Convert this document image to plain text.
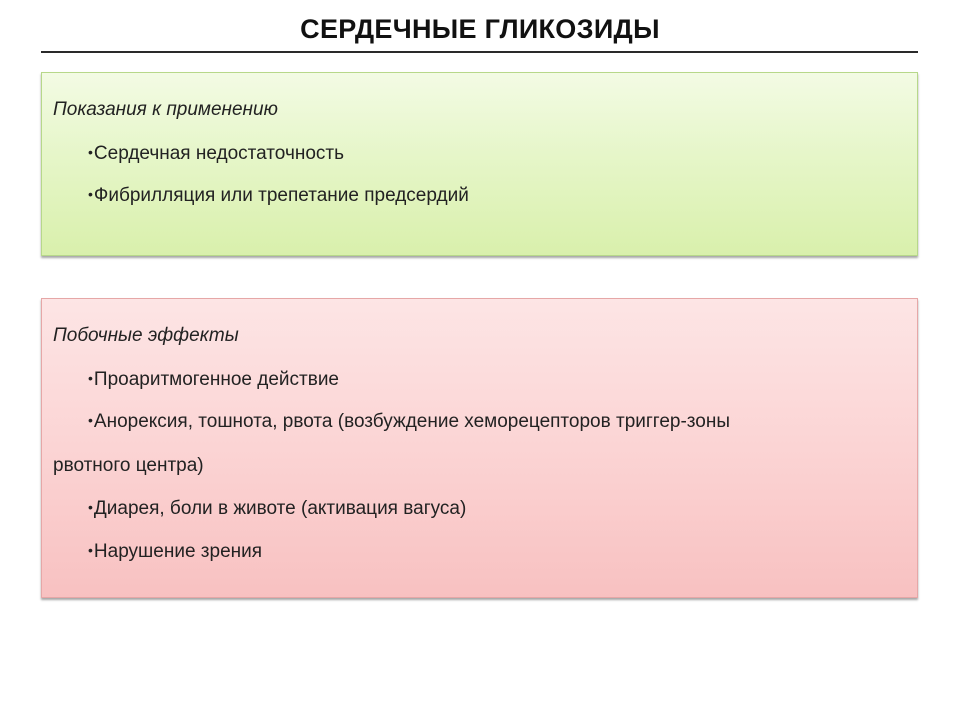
СЕРДЕЧНЫЕ ГЛИКОЗИДЫ
Показания к применению
•Сердечная недостаточность
•Фибрилляция или трепетание предсердий
Побочные эффекты
•Проаритмогенное действие
•Анорексия, тошнота, рвота (возбуждение хеморецепторов триггер-зоны
рвотного центра)
•Диарея, боли в животе (активация вагуса)
•Нарушение зрения
